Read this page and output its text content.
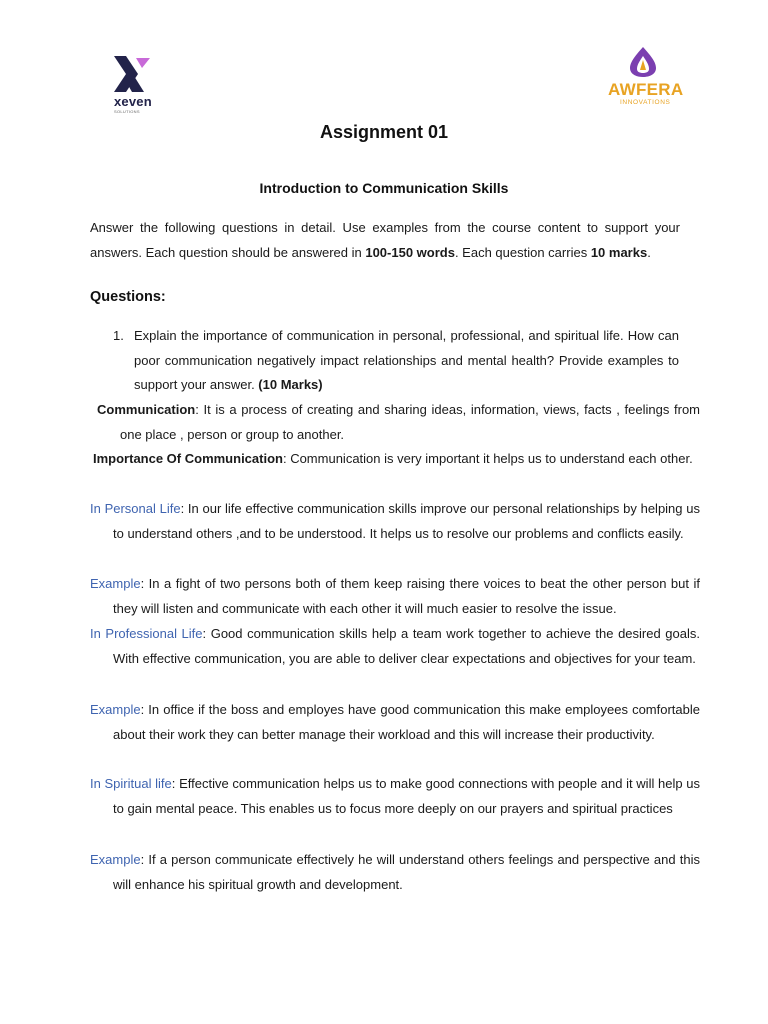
xeven
SOLUTIONS
AWFERA
INNOVATIONS
Assignment 01
Introduction to Communication Skills
Answer the following questions in detail. Use examples from the course content to support your answers. Each question should be answered in 100-150 words. Each question carries 10 marks.
Questions:
1. Explain the importance of communication in personal, professional, and spiritual life. How can poor communication negatively impact relationships and mental health? Provide examples to support your answer. (10 Marks)
Communication: It is a process of creating and sharing ideas, information, views, facts , feelings from one place , person or group to another.
Importance Of Communication: Communication is very important it helps us to understand each other.
In Personal Life: In our life effective communication skills improve our personal relationships by helping us to understand others ,and to be understood. It helps us to resolve our problems and conflicts easily.
Example: In a fight of two persons both of them keep raising there voices to beat the other person but if they will listen and communicate with each other it will much easier to resolve the issue.
In Professional Life: Good communication skills help a team work together to achieve the desired goals. With effective communication, you are able to deliver clear expectations and objectives for your team.
Example: In office if the boss and employes have good communication this make employees comfortable about their work they can better manage their workload and this will increase their productivity.
In Spiritual life: Effective communication helps us to make good connections with people and it will help us to gain mental peace. This enables us to focus more deeply on our prayers and spiritual practices
Example: If a person communicate effectively he will understand others feelings and perspective and this will enhance his spiritual growth and development.
